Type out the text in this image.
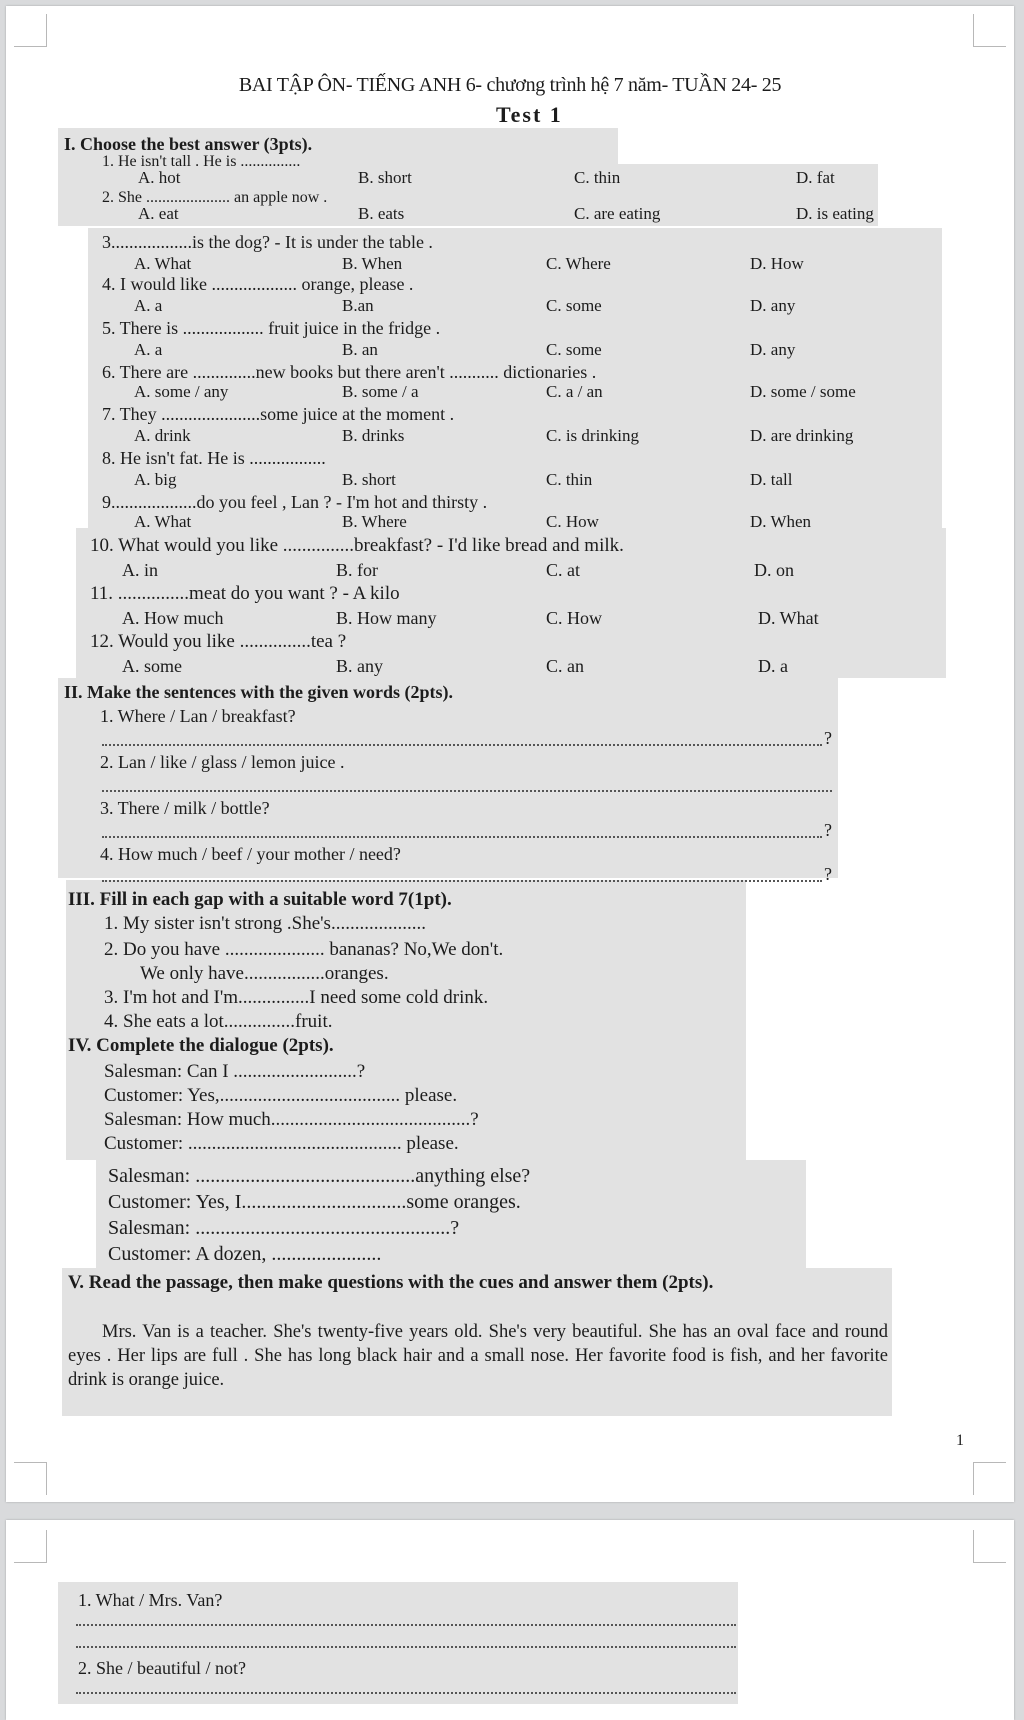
BAI TẬP ÔN- TIẾNG ANH 6- chương trình hệ 7 năm- TUẦN 24- 25
Test 1
I. Choose the best answer (3pts).
1. He isn't tall . He is ...............
A. hot	B. short	C. thin	D. fat
2. She ..................... an apple now .
A. eat	B. eats	C. are eating	D. is eating
3..................is the dog? - It is under the table .
A. What	B. When	C. Where	D. How
4. I would like ................... orange, please .
A. a	B.an	C. some	D. any
5. There is .................. fruit juice in the fridge .
A. a	B. an	C. some	D. any
6. There are ..............new books but there aren't ........... dictionaries .
A. some / any	B. some / a	C. a / an	D. some / some
7. They ......................some juice at the moment .
A. drink	B. drinks	C. is drinking	D. are drinking
8. He isn't fat. He is .................
A. big	B. short	C. thin	D. tall
9...................do you feel , Lan ? - I'm hot and thirsty .
A. What	B. Where	C. How	D. When
10. What would you like ...............breakfast? - I'd like bread and milk.
A. in	B. for	C. at	D. on
11. ...............meat do you want ? - A kilo
A. How much	B. How many	C. How	D. What
12. Would you like ...............tea ?
A. some	B. any	C. an	D. a
II. Make the sentences with the given words (2pts).
1. Where / Lan / breakfast?
?
2. Lan / like / glass / lemon juice .
3. There / milk / bottle?
?
4. How much / beef / your mother / need?
?
III. Fill in each gap with a suitable word 7(1pt).
1. My sister isn't strong .She's....................
2. Do you have ..................... bananas? No,We don't.
We only have.................oranges.
3. I'm hot and I'm...............I need some cold drink.
4. She eats a lot...............fruit.
IV. Complete the dialogue (2pts).
Salesman: Can I ..........................?
Customer: Yes,...................................... please.
Salesman: How much..........................................?
Customer: ............................................. please.
Salesman: ............................................anything else?
Customer: Yes, I.................................some oranges.
Salesman: ...................................................?
Customer: A dozen, ......................
V. Read the passage, then make questions with the cues and answer them (2pts).
Mrs. Van is a teacher. She's twenty-five years old. She's very beautiful. She has an oval face and round eyes . Her lips are full . She has long black hair and a small nose. Her favorite food is fish, and her favorite drink is orange juice.
1
1. What / Mrs. Van?
2. She / beautiful / not?
